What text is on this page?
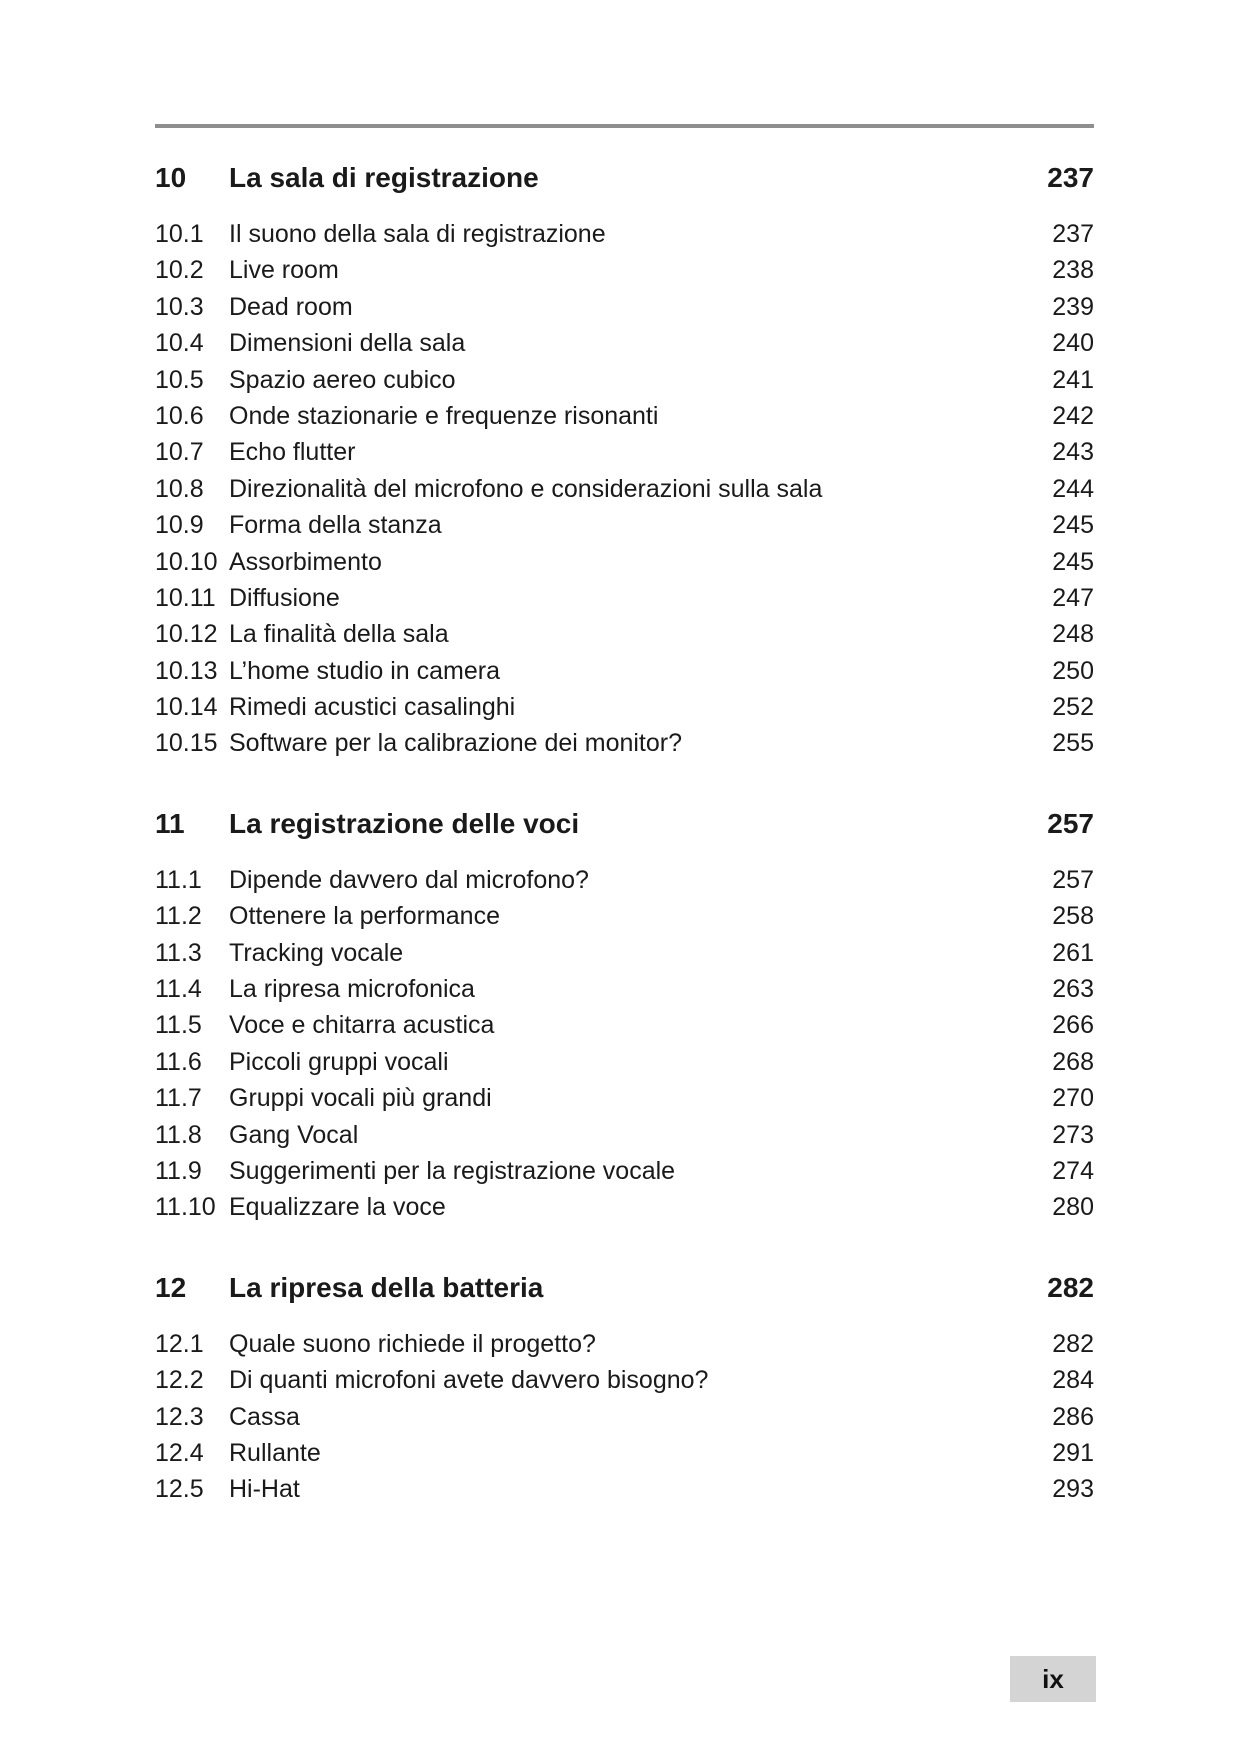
10	La sala di registrazione	237
10.1	Il suono della sala di registrazione	237
10.2	Live room	238
10.3	Dead room	239
10.4	Dimensioni della sala	240
10.5	Spazio aereo cubico	241
10.6	Onde stazionarie e frequenze risonanti	242
10.7	Echo flutter	243
10.8	Direzionalità del microfono e considerazioni sulla sala	244
10.9	Forma della stanza	245
10.10 Assorbimento	245
10.11 Diffusione	247
10.12 La finalità della sala	248
10.13 L’home studio in camera	250
10.14 Rimedi acustici casalinghi	252
10.15 Software per la calibrazione dei monitor?	255
11	La registrazione delle voci	257
11.1	Dipende davvero dal microfono?	257
11.2	Ottenere la performance	258
11.3	Tracking vocale	261
11.4	La ripresa microfonica	263
11.5	Voce e chitarra acustica	266
11.6	Piccoli gruppi vocali	268
11.7	Gruppi vocali più grandi	270
11.8	Gang Vocal	273
11.9	Suggerimenti per la registrazione vocale	274
11.10 Equalizzare la voce	280
12	La ripresa della batteria	282
12.1	Quale suono richiede il progetto?	282
12.2	Di quanti microfoni avete davvero bisogno?	284
12.3	Cassa	286
12.4	Rullante	291
12.5	Hi-Hat	293
ix
